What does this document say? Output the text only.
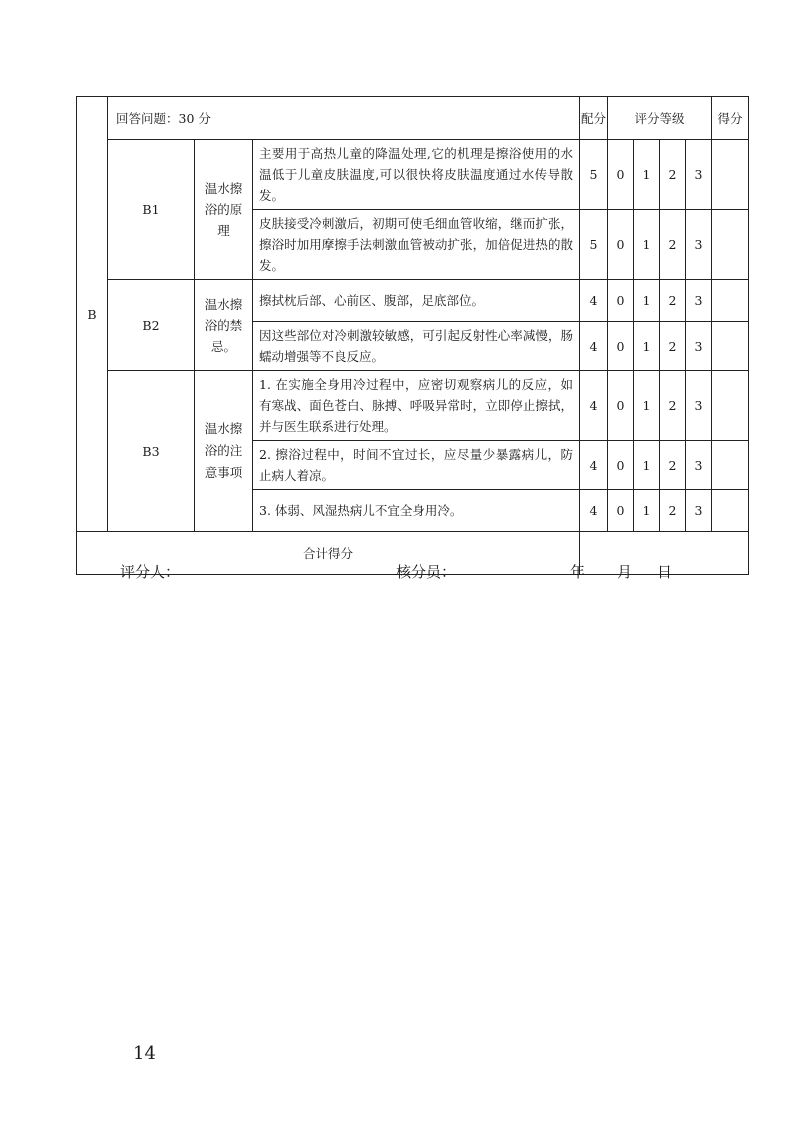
B	回答问题：30 分			配分	评分等级				得分
	B1	温水擦浴的原理	主要用于高热儿童的降温处理,它的机理是擦浴使用的水温低于儿童皮肤温度,可以很快将皮肤温度通过水传导散发。	5	0	1	2	3	
			皮肤接受冷刺激后，初期可使毛细血管收缩，继而扩张，擦浴时加用摩擦手法刺激血管被动扩张，加倍促进热的散发。	5	0	1	2	3	
	B2	温水擦浴的禁忌。	擦拭枕后部、心前区、腹部，足底部位。	4	0	1	2	3	
			因这些部位对冷刺激较敏感，可引起反射性心率减慢，肠蠕动增强等不良反应。	4	0	1	2	3	
	B3	温水擦浴的注意事项	1. 在实施全身用冷过程中，应密切观察病儿的反应，如有寒战、面色苍白、脉搏、呼吸异常时，立即停止擦拭，并与医生联系进行处理。	4	0	1	2	3	
			2. 擦浴过程中，时间不宜过长，应尽量少暴露病儿，防止病人着凉。	4	0	1	2	3	
			3. 体弱、风湿热病儿不宜全身用冷。	4	0	1	2	3	
合计得分									
评分人：	核分员：	年 月 日
14
